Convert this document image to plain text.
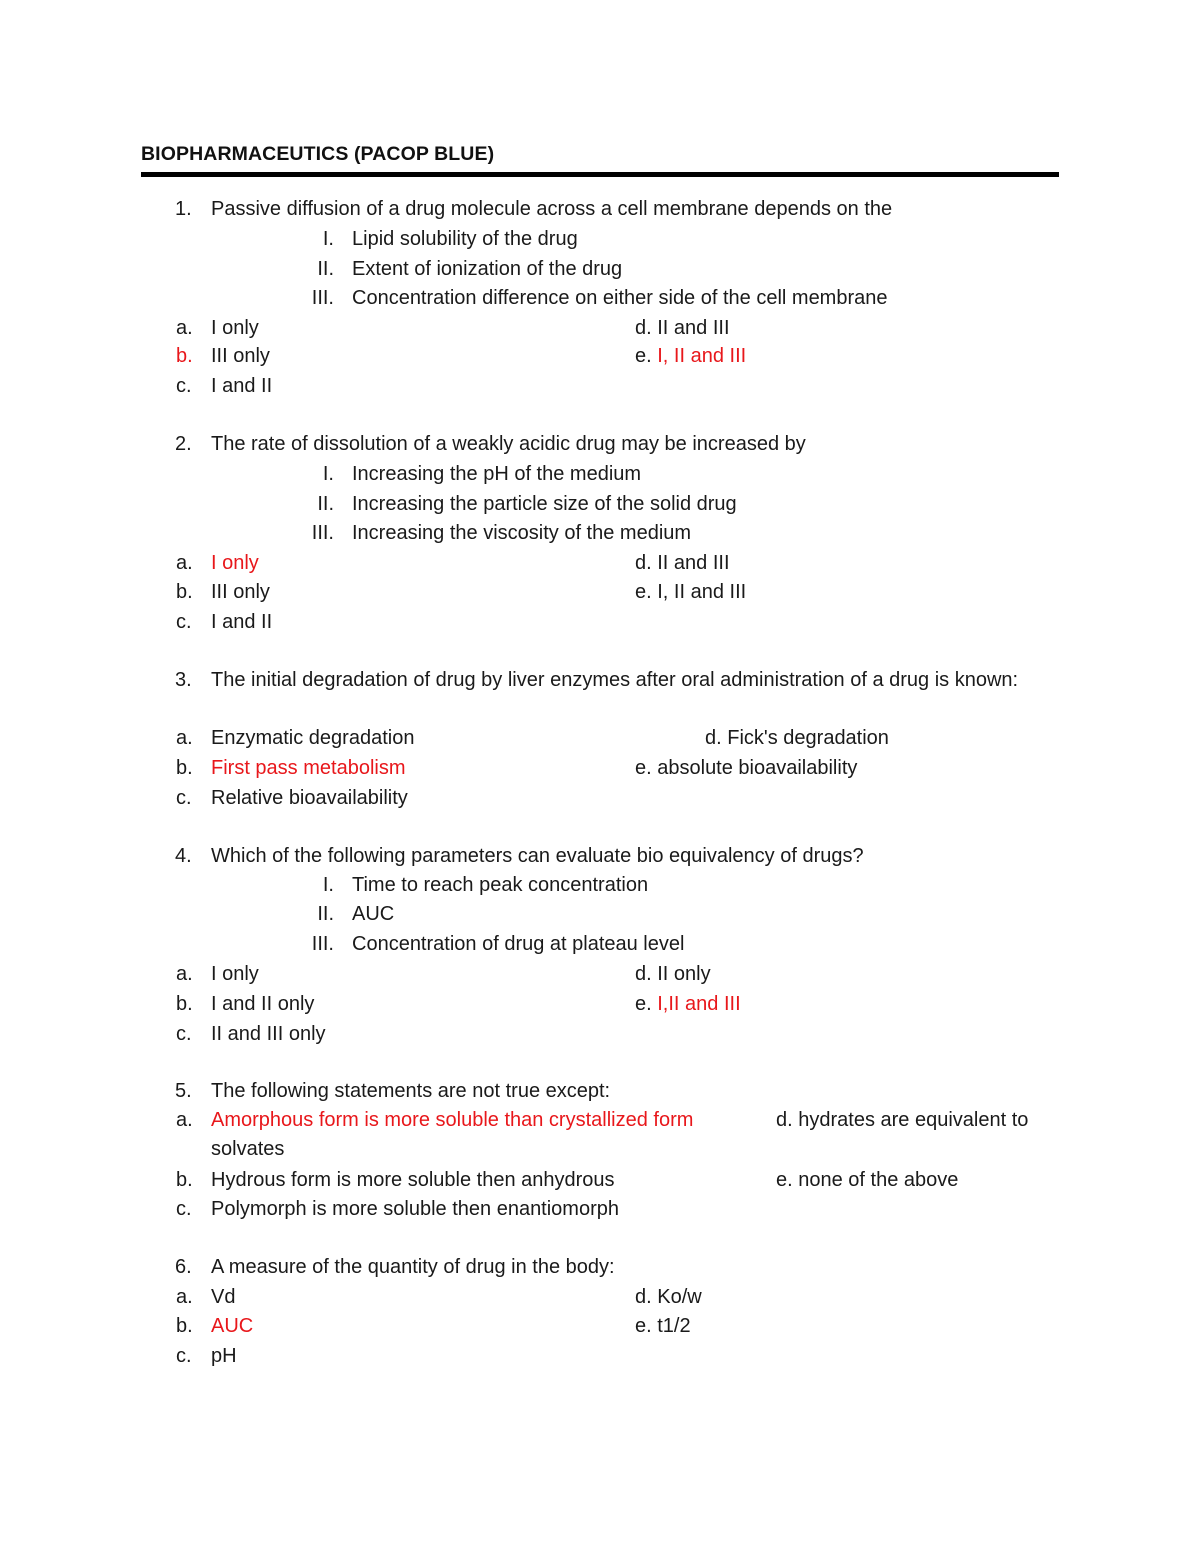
BIOPHARMACEUTICS (PACOP BLUE)
1. Passive diffusion of a drug molecule across a cell membrane depends on the
I. Lipid solubility of the drug
II. Extent of ionization of the drug
III. Concentration difference on either side of the cell membrane
a. I only	d. II and III
b. III only	e. I, II and III
c. I and II
2. The rate of dissolution of a weakly acidic drug may be increased by
I. Increasing the pH of the medium
II. Increasing the particle size of the solid drug
III. Increasing the viscosity of the medium
a. I only	d. II and III
b. III only	e. I, II and III
c. I and II
3. The initial degradation of drug by liver enzymes after oral administration of a drug is known:
a. Enzymatic degradation	d. Fick's degradation
b. First pass metabolism	e. absolute bioavailability
c. Relative bioavailability
4. Which of the following parameters can evaluate bio equivalency of drugs?
I. Time to reach peak concentration
II. AUC
III. Concentration of drug at plateau level
a. I only	d. II only
b. I and II only	e. I,II and III
c. II and III only
5. The following statements are not true except:
a. Amorphous form is more soluble than crystallized form	d. hydrates are equivalent to
solvates
b. Hydrous form is more soluble then anhydrous	e. none of the above
c. Polymorph is more soluble then enantiomorph
6. A measure of the quantity of drug in the body:
a. Vd	d. Ko/w
b. AUC	e. t1/2
c. pH
